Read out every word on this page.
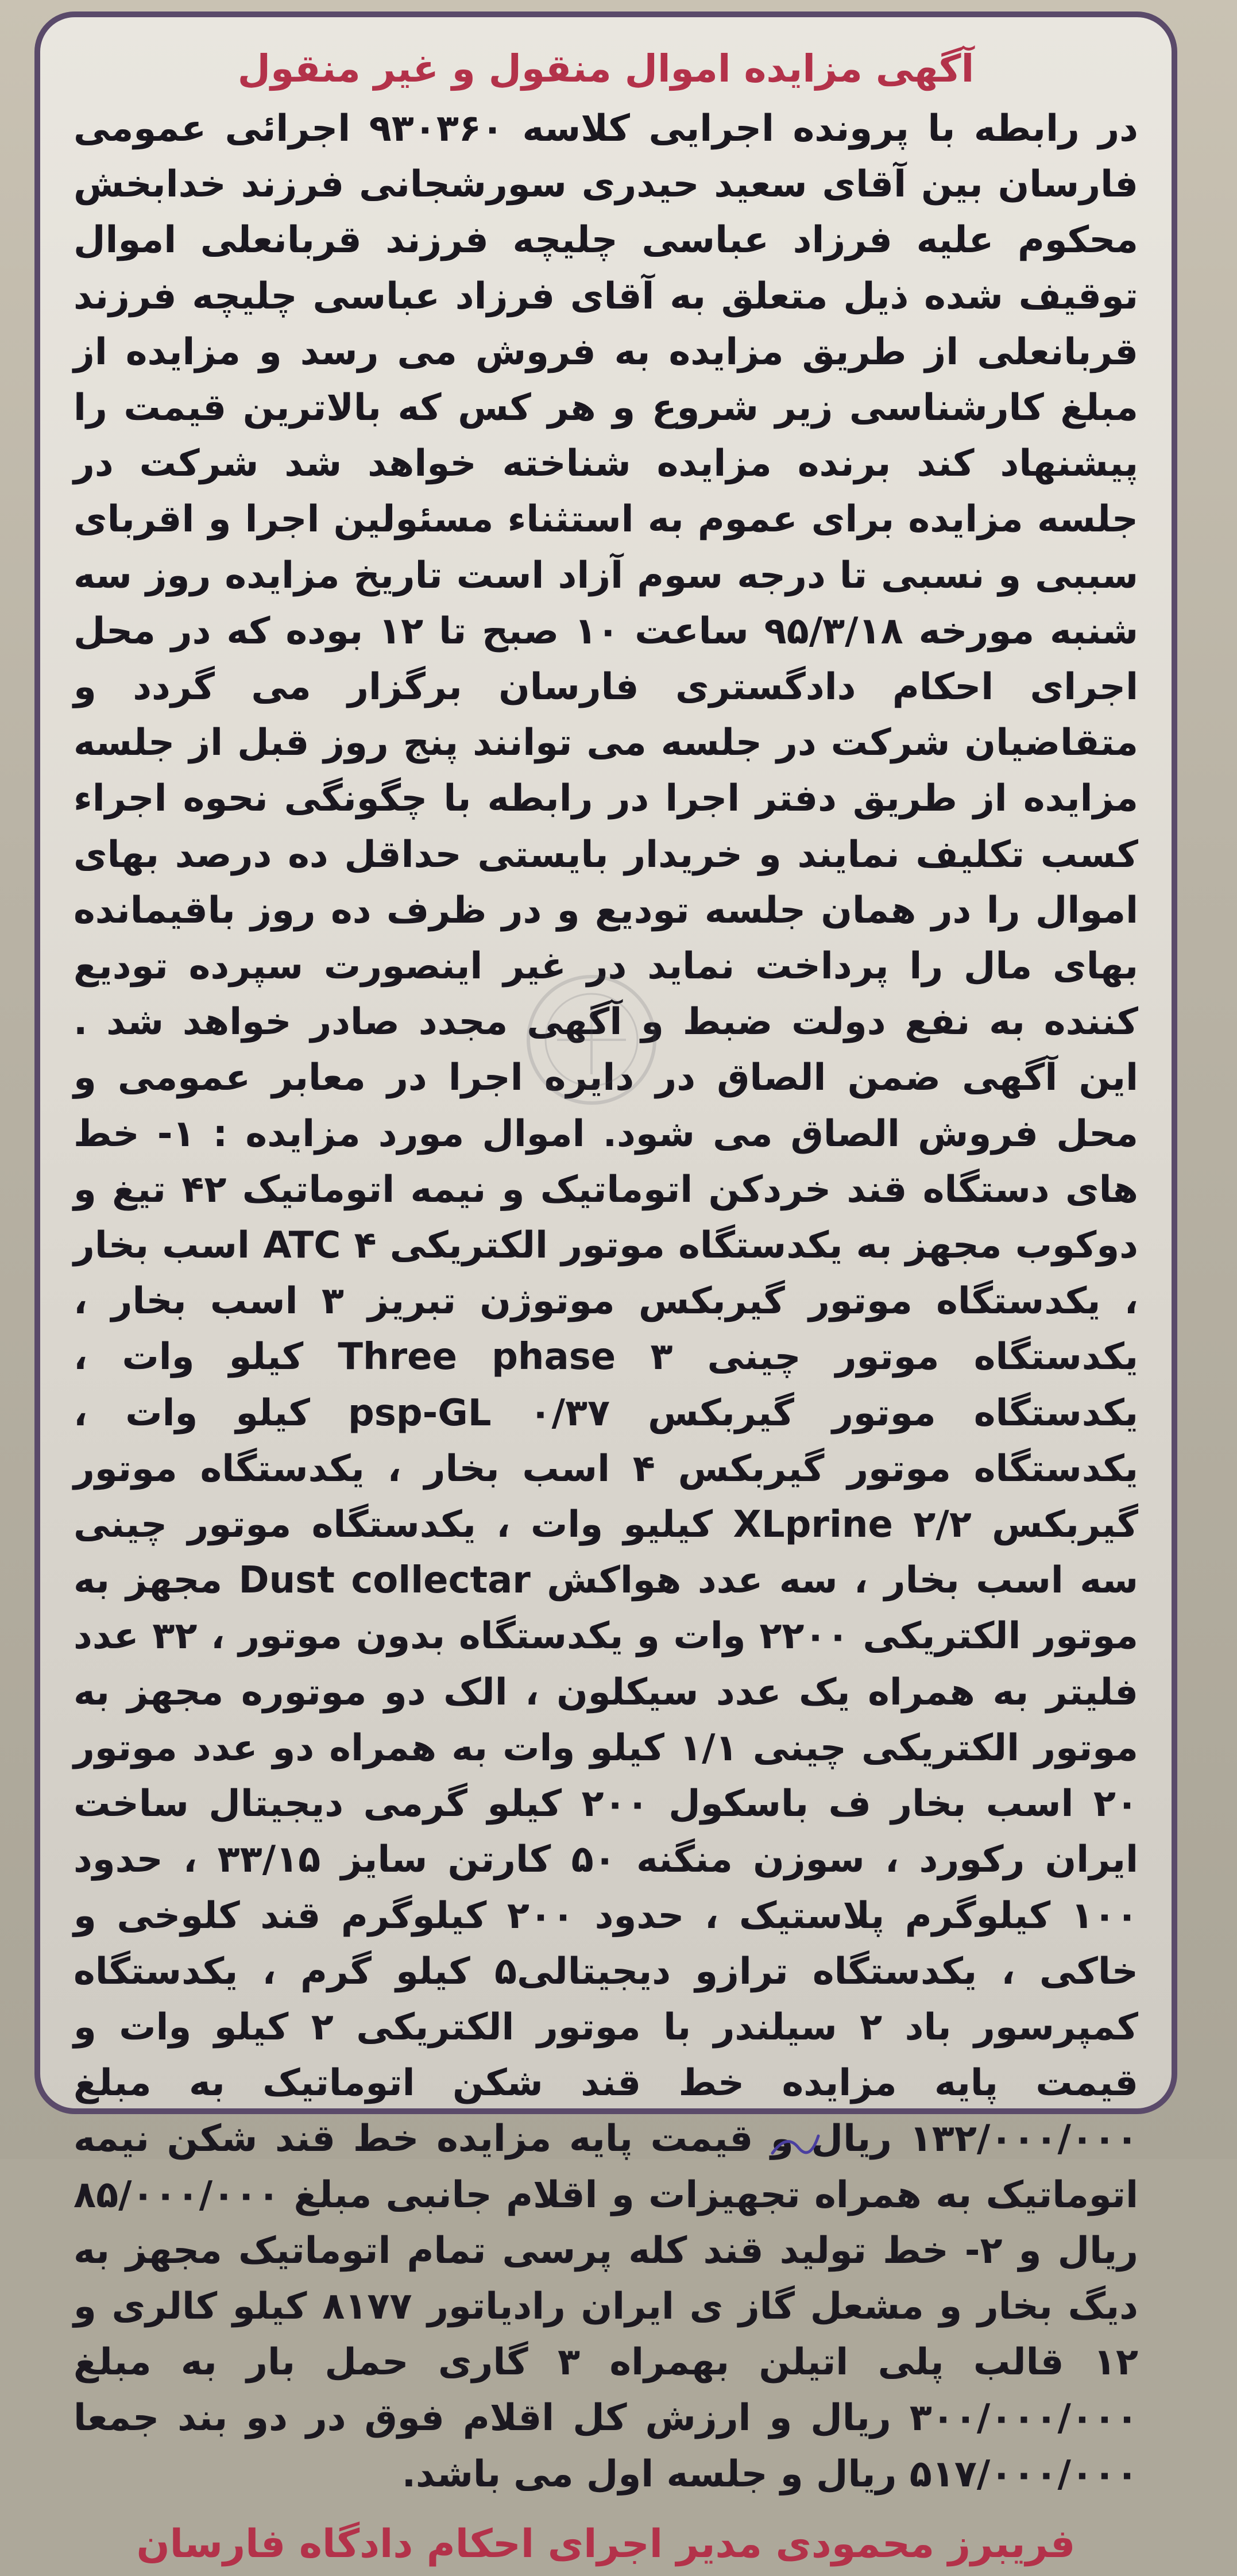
آگهی مزایده اموال منقول و غیر منقول

در رابطه با پرونده اجرایی کلاسه ۹۳۰۳۶۰ اجرائی عمومی فارسان بین آقای سعید حیدری سورشجانی فرزند خدابخش محکوم علیه فرزاد عباسی چلیچه فرزند قربانعلی اموال توقیف شده ذیل متعلق به آقای فرزاد عباسی چلیچه فرزند قربانعلی از طریق مزایده به فروش می رسد و مزایده از مبلغ کارشناسی زیر شروع و هر کس که بالاترین قیمت را پیشنهاد کند برنده مزایده شناخته خواهد شد شرکت در جلسه مزایده برای عموم به استثناء مسئولین اجرا و اقربای سببی و نسبی تا درجه سوم آزاد است تاریخ مزایده روز سه شنبه مورخه ۹۵/۳/۱۸ ساعت ۱۰ صبح تا ۱۲ بوده که در محل اجرای احکام دادگستری فارسان برگزار می گردد و متقاضیان شرکت در جلسه می توانند پنج روز قبل از جلسه مزایده از طریق دفتر اجرا در رابطه با چگونگی نحوه اجراء کسب تکلیف نمایند و خریدار بایستی حداقل ده درصد بهای اموال را در همان جلسه تودیع و در ظرف ده روز باقیمانده بهای مال را پرداخت نماید در غیر اینصورت سپرده تودیع کننده به نفع دولت ضبط و آگهی مجدد صادر خواهد شد . این آگهی ضمن الصاق در دایره اجرا در معابر عمومی و محل فروش الصاق می شود. اموال مورد مزایده : ۱- خط های دستگاه قند خردکن اتوماتیک و نیمه اتوماتیک ۴۲ تیغ و دوکوب مجهز به یکدستگاه موتور الکتریکی ATC ۴ اسب بخار ، یکدستگاه موتور گیربکس موتوژن تبریز ۳ اسب بخار ، یکدستگاه موتور چینی Three phase ۳ کیلو وات ، یکدستگاه موتور گیربکس psp-GL ۰/۳۷ کیلو وات ، یکدستگاه موتور گیربکس ۴ اسب بخار ، یکدستگاه موتور گیربکس XLprine ۲/۲ کیلیو وات ، یکدستگاه موتور چینی سه اسب بخار ، سه عدد هواکش Dust collectar مجهز به موتور الکتریکی ۲۲۰۰ وات و یکدستگاه بدون موتور ، ۳۲ عدد فلیتر به همراه یک عدد سیکلون ، الک دو موتوره مجهز به موتور الکتریکی چینی ۱/۱ کیلو وات به همراه دو عدد موتور ۲۰ اسب بخار ف باسکول ۲۰۰ کیلو گرمی دیجیتال ساخت ایران رکورد ، سوزن منگنه ۵۰ کارتن سایز ۳۳/۱۵ ، حدود ۱۰۰ کیلوگرم پلاستیک ، حدود ۲۰۰ کیلوگرم قند کلوخی و خاکی ، یکدستگاه ترازو دیجیتالی۵ کیلو گرم ، یکدستگاه کمپرسور باد ۲ سیلندر با موتور الکتریکی ۲ کیلو وات و قیمت پایه مزایده خط قند شکن اتوماتیک به مبلغ ۱۳۲/۰۰۰/۰۰۰ ریال و قیمت پایه مزایده خط قند شکن نیمه اتوماتیک به همراه تجهیزات و اقلام جانبی مبلغ ۸۵/۰۰۰/۰۰۰ ریال و ۲- خط تولید قند کله پرسی تمام اتوماتیک مجهز به دیگ بخار و مشعل گاز ی ایران رادیاتور ۸۱۷۷ کیلو کالری و ۱۲ قالب پلی اتیلن بهمراه ۳ گاری حمل بار به مبلغ ۳۰۰/۰۰۰/۰۰۰ ریال و ارزش کل اقلام فوق در دو بند جمعا ۵۱۷/۰۰۰/۰۰۰ ریال و جلسه اول می باشد.

فریبرز محمودی مدیر اجرای احکام دادگاه فارسان
